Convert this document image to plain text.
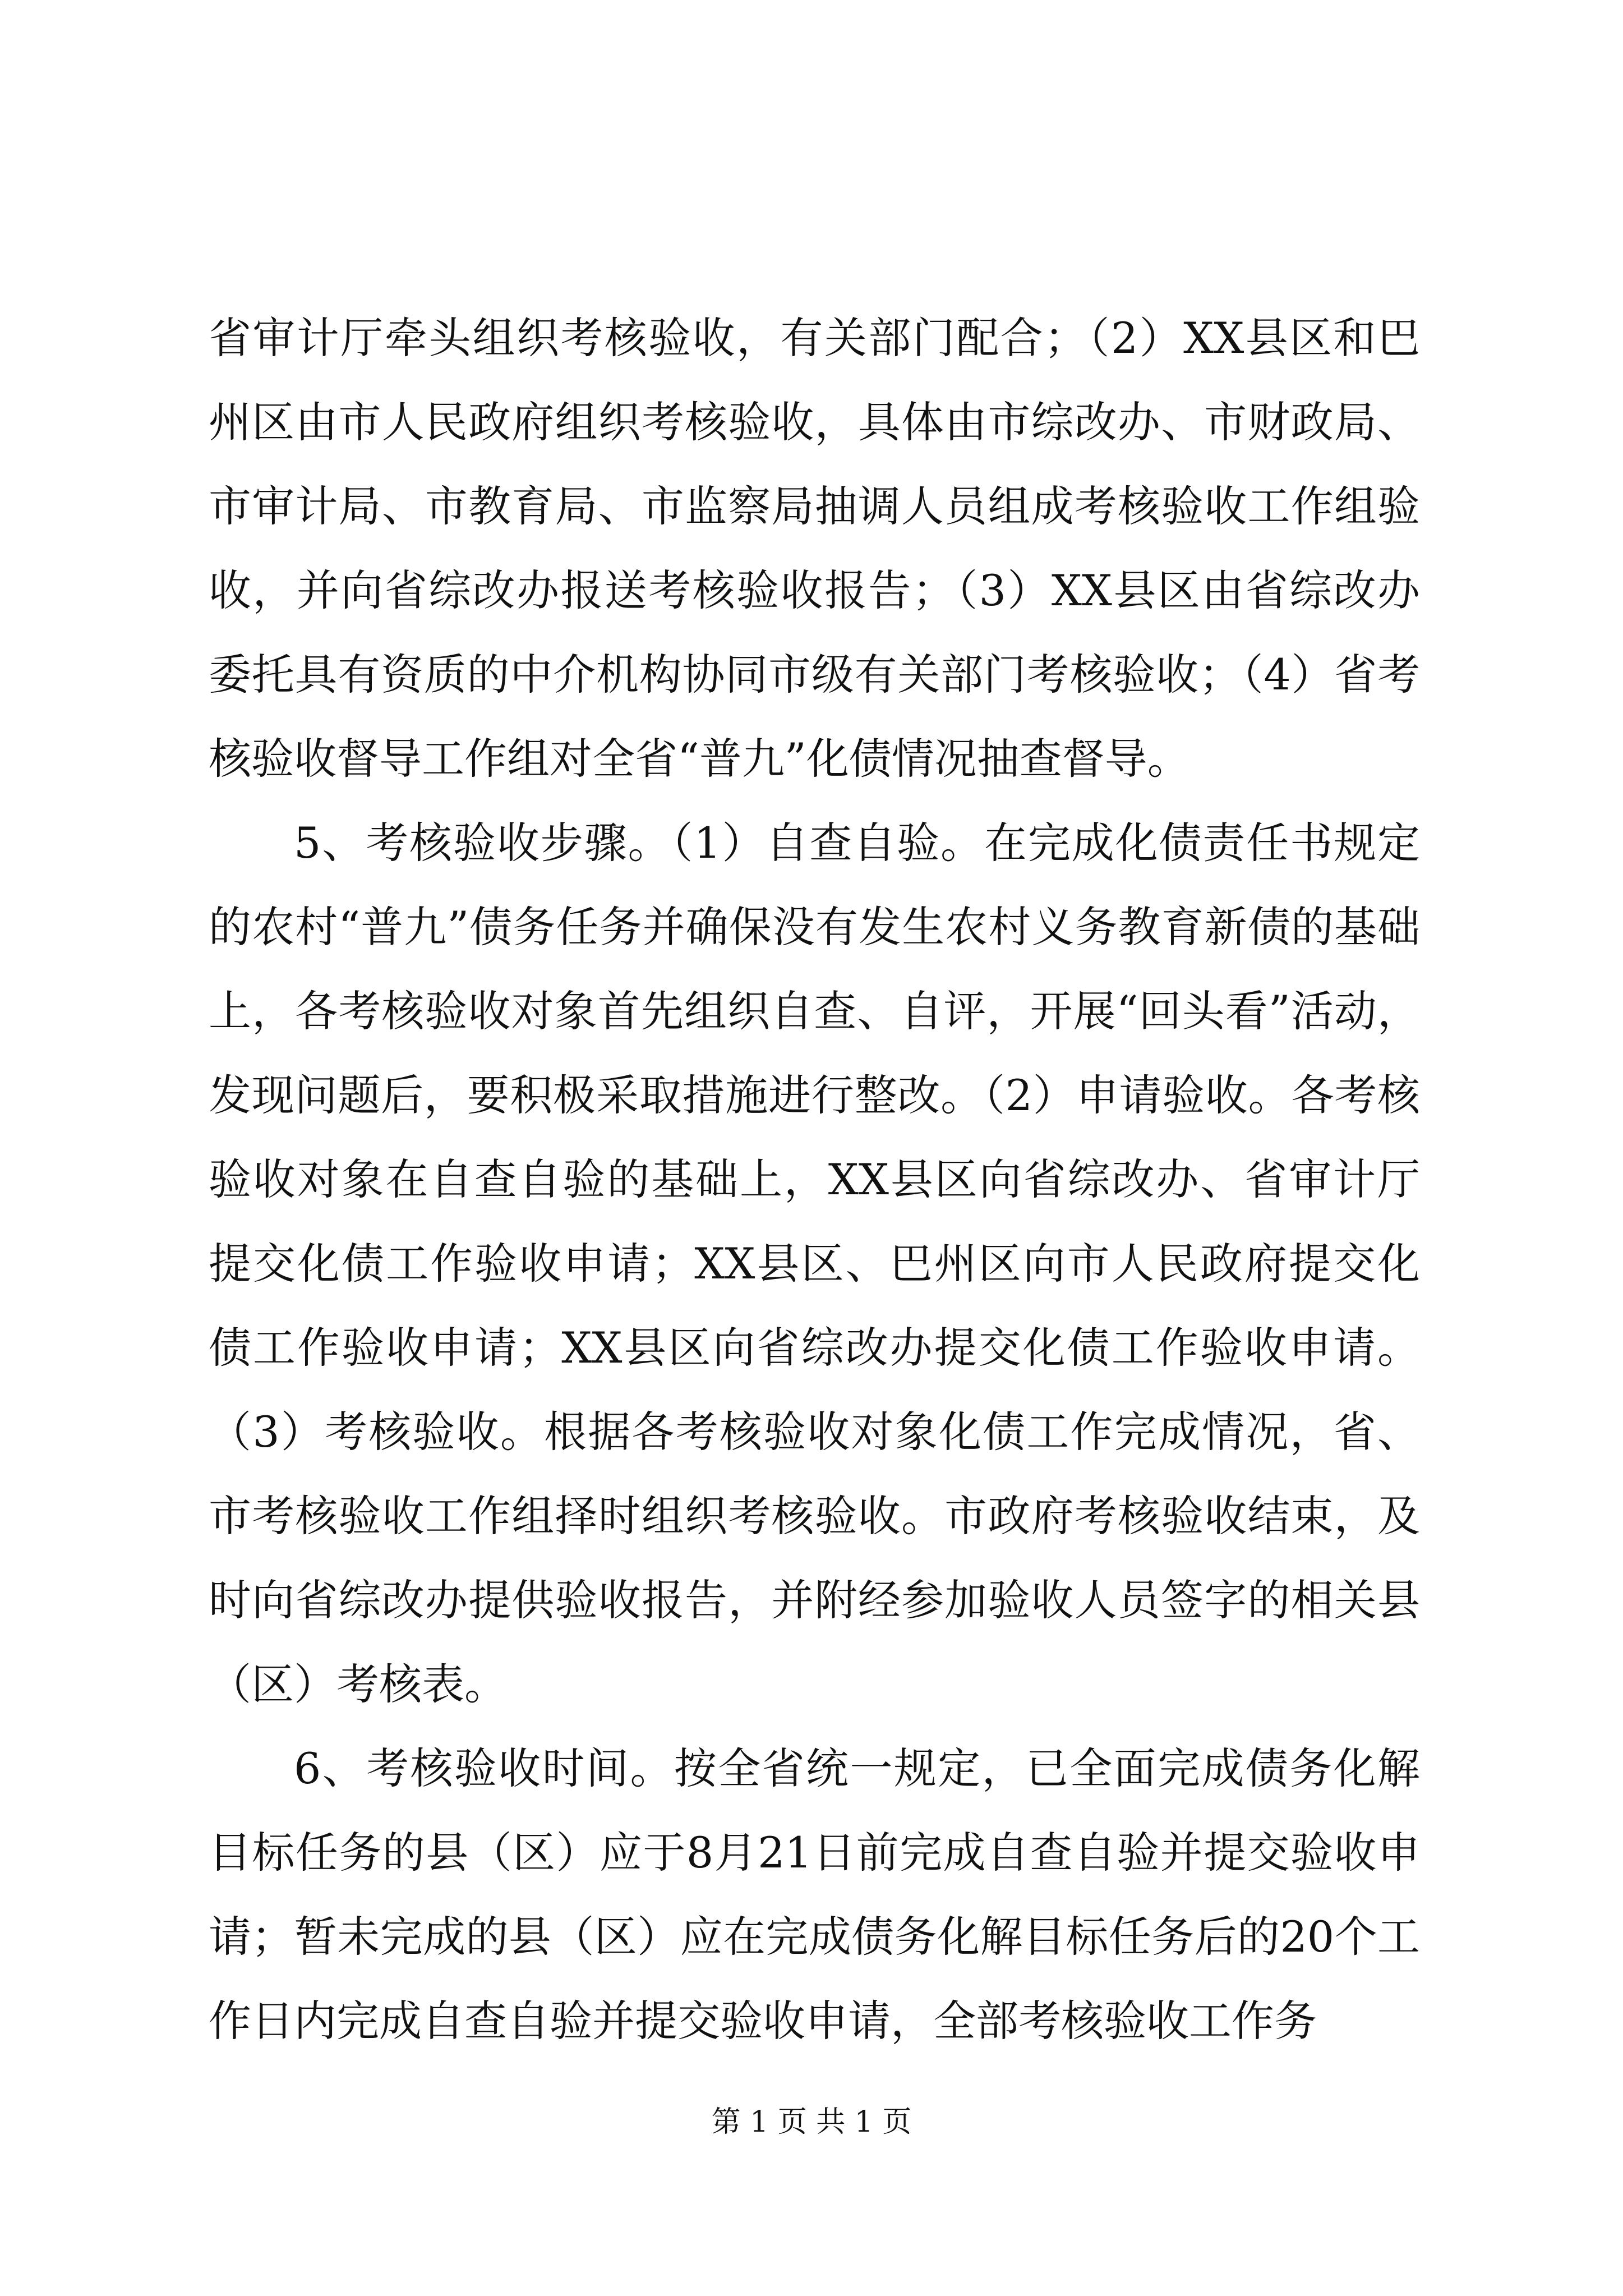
省审计厅牵头组织考核验收，有关部门配合；（2）XX县区和巴州区由市人民政府组织考核验收，具体由市综改办、市财政局、市审计局、市教育局、市监察局抽调人员组成考核验收工作组验收，并向省综改办报送考核验收报告；（3）XX县区由省综改办委托具有资质的中介机构协同市级有关部门考核验收；（4）省考核验收督导工作组对全省“普九”化债情况抽查督导。

5、考核验收步骤。（1）自查自验。在完成化债责任书规定的农村“普九”债务任务并确保没有发生农村义务教育新债的基础上，各考核验收对象首先组织自查、自评，开展“回头看”活动，发现问题后，要积极采取措施进行整改。（2）申请验收。各考核验收对象在自查自验的基础上，XX县区向省综改办、省审计厅提交化债工作验收申请；XX县区、巴州区向市人民政府提交化债工作验收申请；XX县区向省综改办提交化债工作验收申请。（3）考核验收。根据各考核验收对象化债工作完成情况，省、市考核验收工作组择时组织考核验收。市政府考核验收结束，及时向省综改办提供验收报告，并附经参加验收人员签字的相关县（区）考核表。

6、考核验收时间。按全省统一规定，已全面完成债务化解目标任务的县（区）应于8月21日前完成自查自验并提交验收申请；暂未完成的县（区）应在完成债务化解目标任务后的20个工作日内完成自查自验并提交验收申请，全部考核验收工作务

第 1 页 共 1 页
